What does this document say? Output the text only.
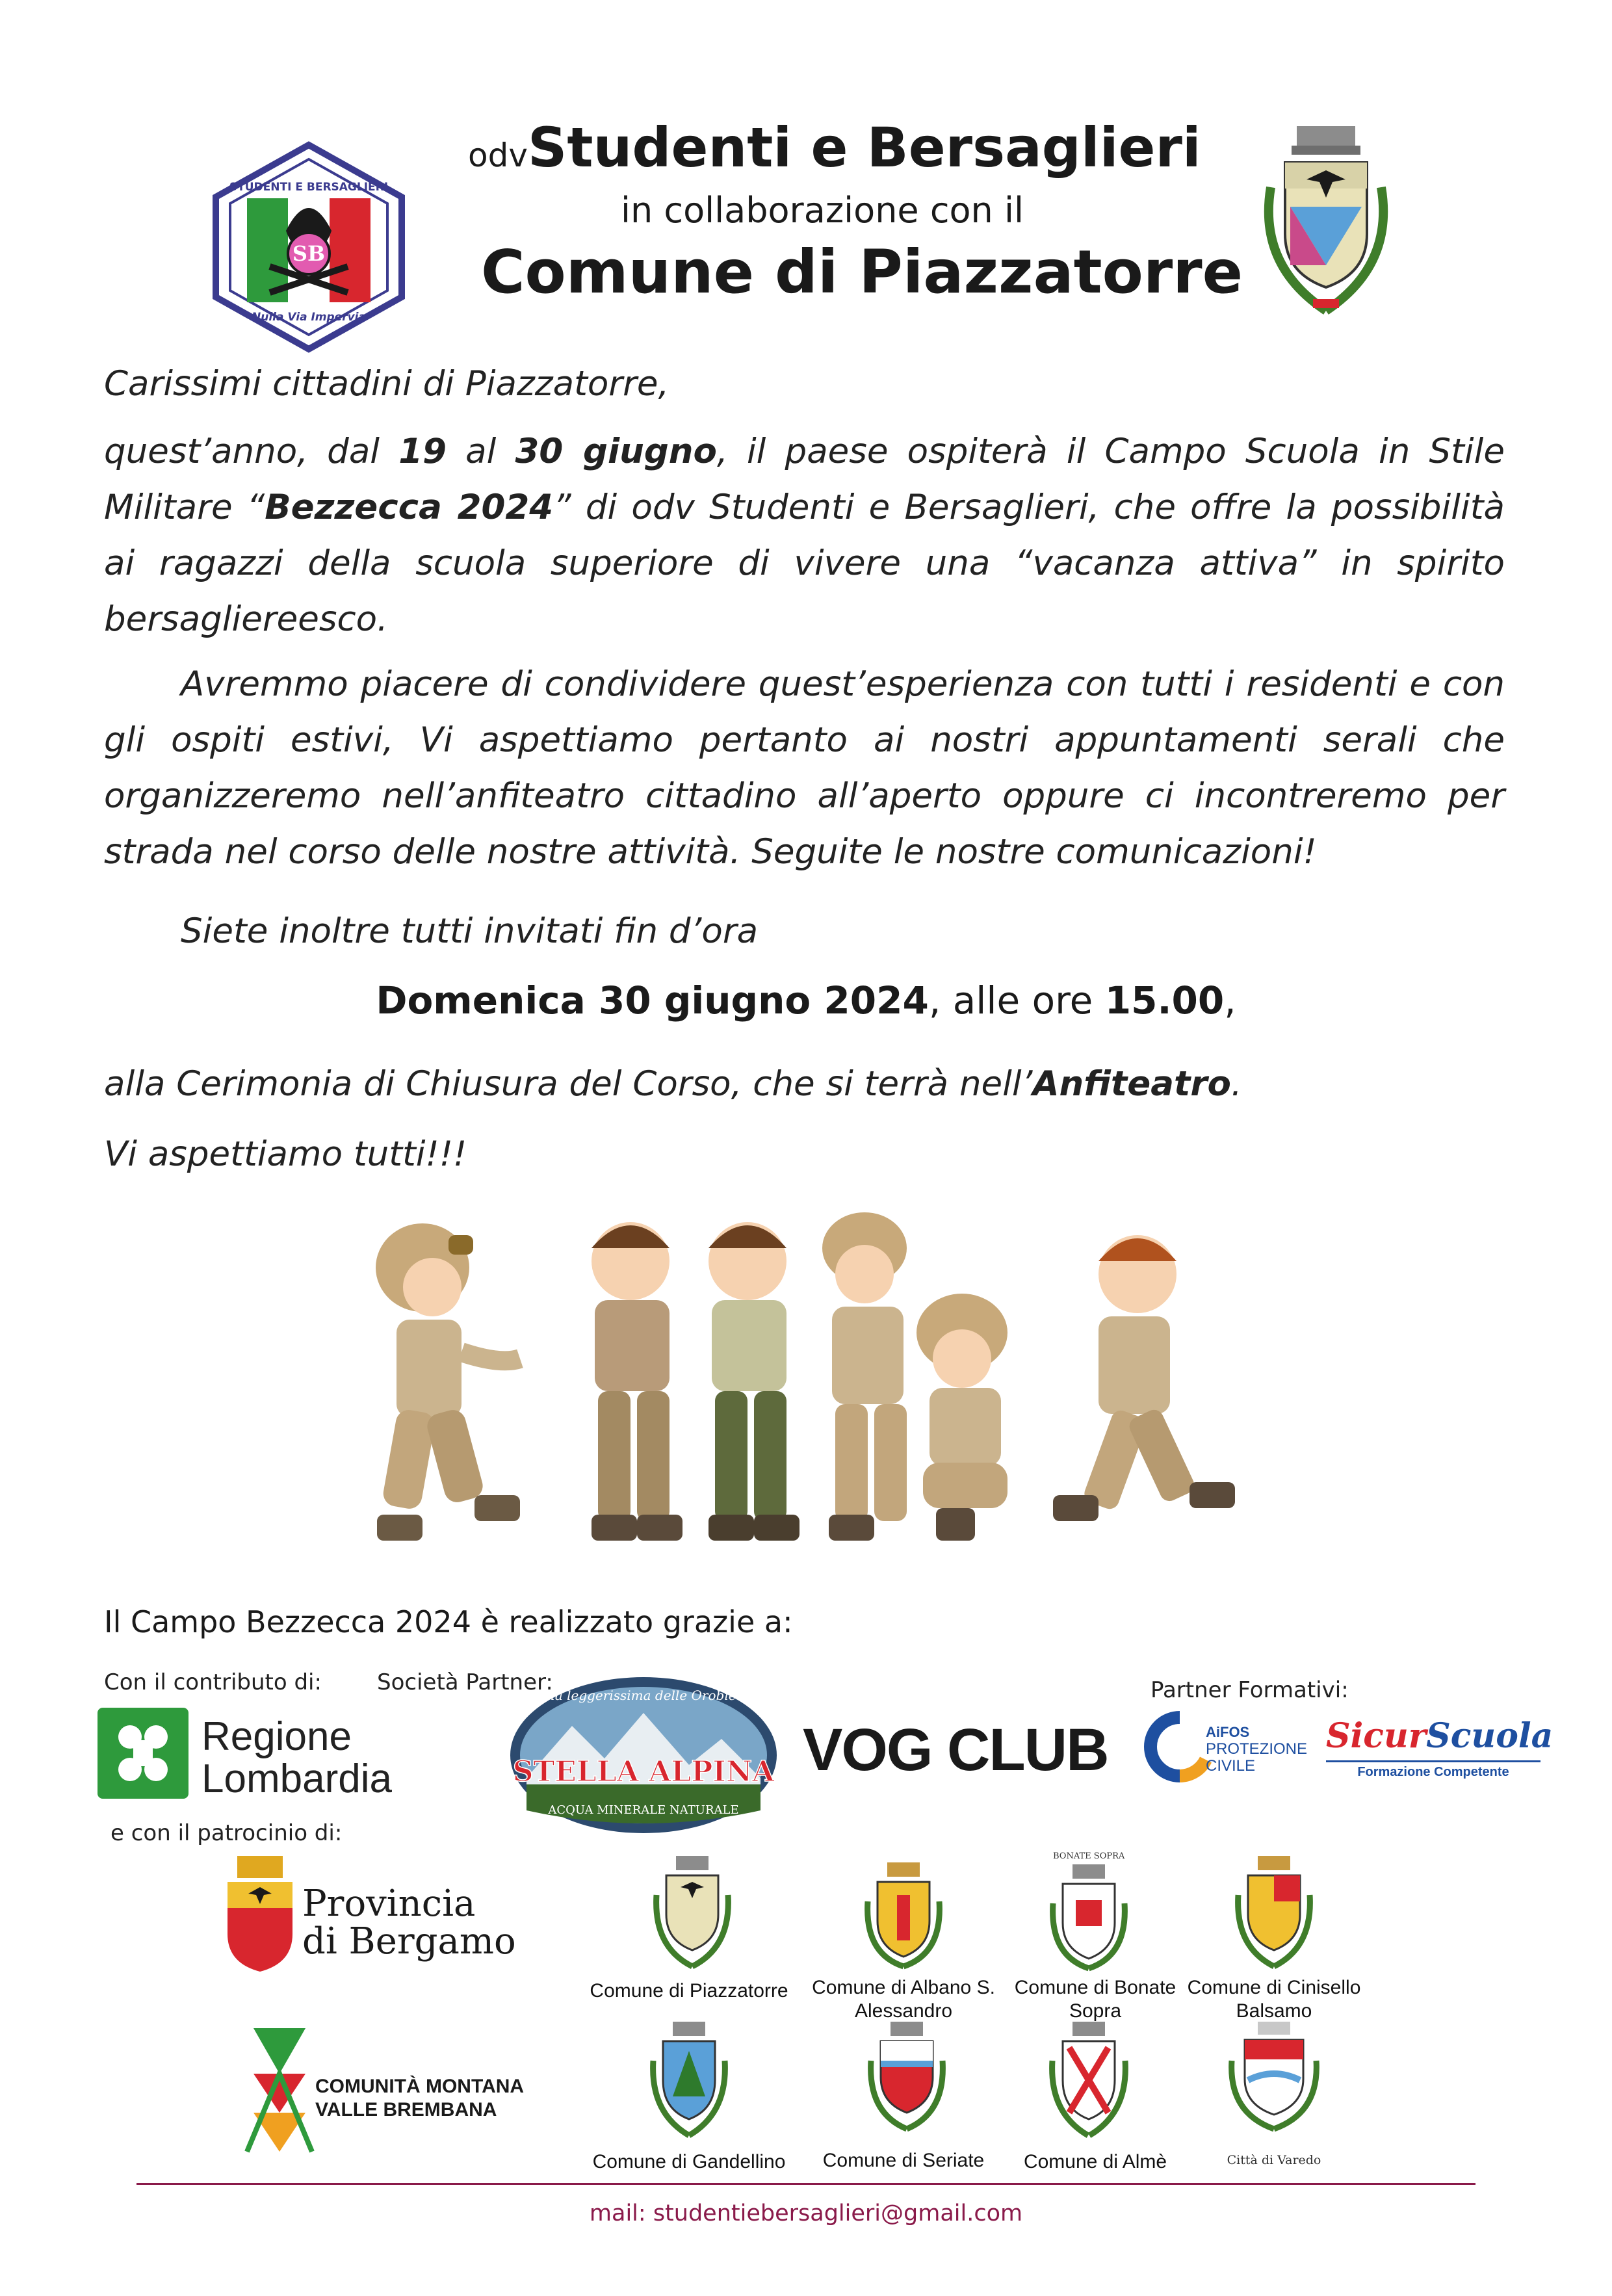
SB
STUDENTI E BERSAGLIERI
Nulla Via Impervia
odvStudenti e Bersaglieri
in collaborazione con il
Comune di Piazzatorre
Carissimi cittadini di Piazzatorre,
quest’anno, dal 19 al 30 giugno, il paese ospiterà il Campo Scuola in Stile Militare “Bezzecca 2024” di odv Studenti e Bersaglieri, che offre la possibilità ai ragazzi della scuola superiore di vivere una “vacanza attiva” in spirito bersagliereesco.
Avremmo piacere di condividere quest’esperienza con tutti i residenti e con gli ospiti estivi, Vi aspettiamo pertanto ai nostri appuntamenti serali che organizzeremo nell’anfiteatro cittadino all’aperto oppure ci incontreremo per strada nel corso delle nostre attività. Seguite le nostre comunicazioni!
Siete inoltre tutti invitati fin d’ora
Domenica 30 giugno 2024, alle ore 15.00,
alla Cerimonia di Chiusura del Corso, che si terrà nell’Anfiteatro.
Vi aspettiamo tutti!!!
Il Campo Bezzecca 2024 è realizzato grazie a:
Con il contributo di:	Società Partner:	Partner Formativi:
Regione
Lombardia
la leggerissima delle Orobie
STELLA ALPINA
ACQUA MINERALE NATURALE
VOG CLUB	AiFOS
PROTEZIONE
CIVILE
SicurScuola
Formazione Competente
e con il patrocinio di:
Provincia
di Bergamo
COMUNITÀ MONTANA
VALLE BREMBANA
BONATE SOPRA
Comune di Piazzatorre	Comune di Albano S. Alessandro
Comune di Bonate Sopra
Comune di Cinisello Balsamo
Comune di Gandellino	Comune di Seriate	Comune di Almè	Città di Varedo
mail: studentiebersaglieri@gmail.com
